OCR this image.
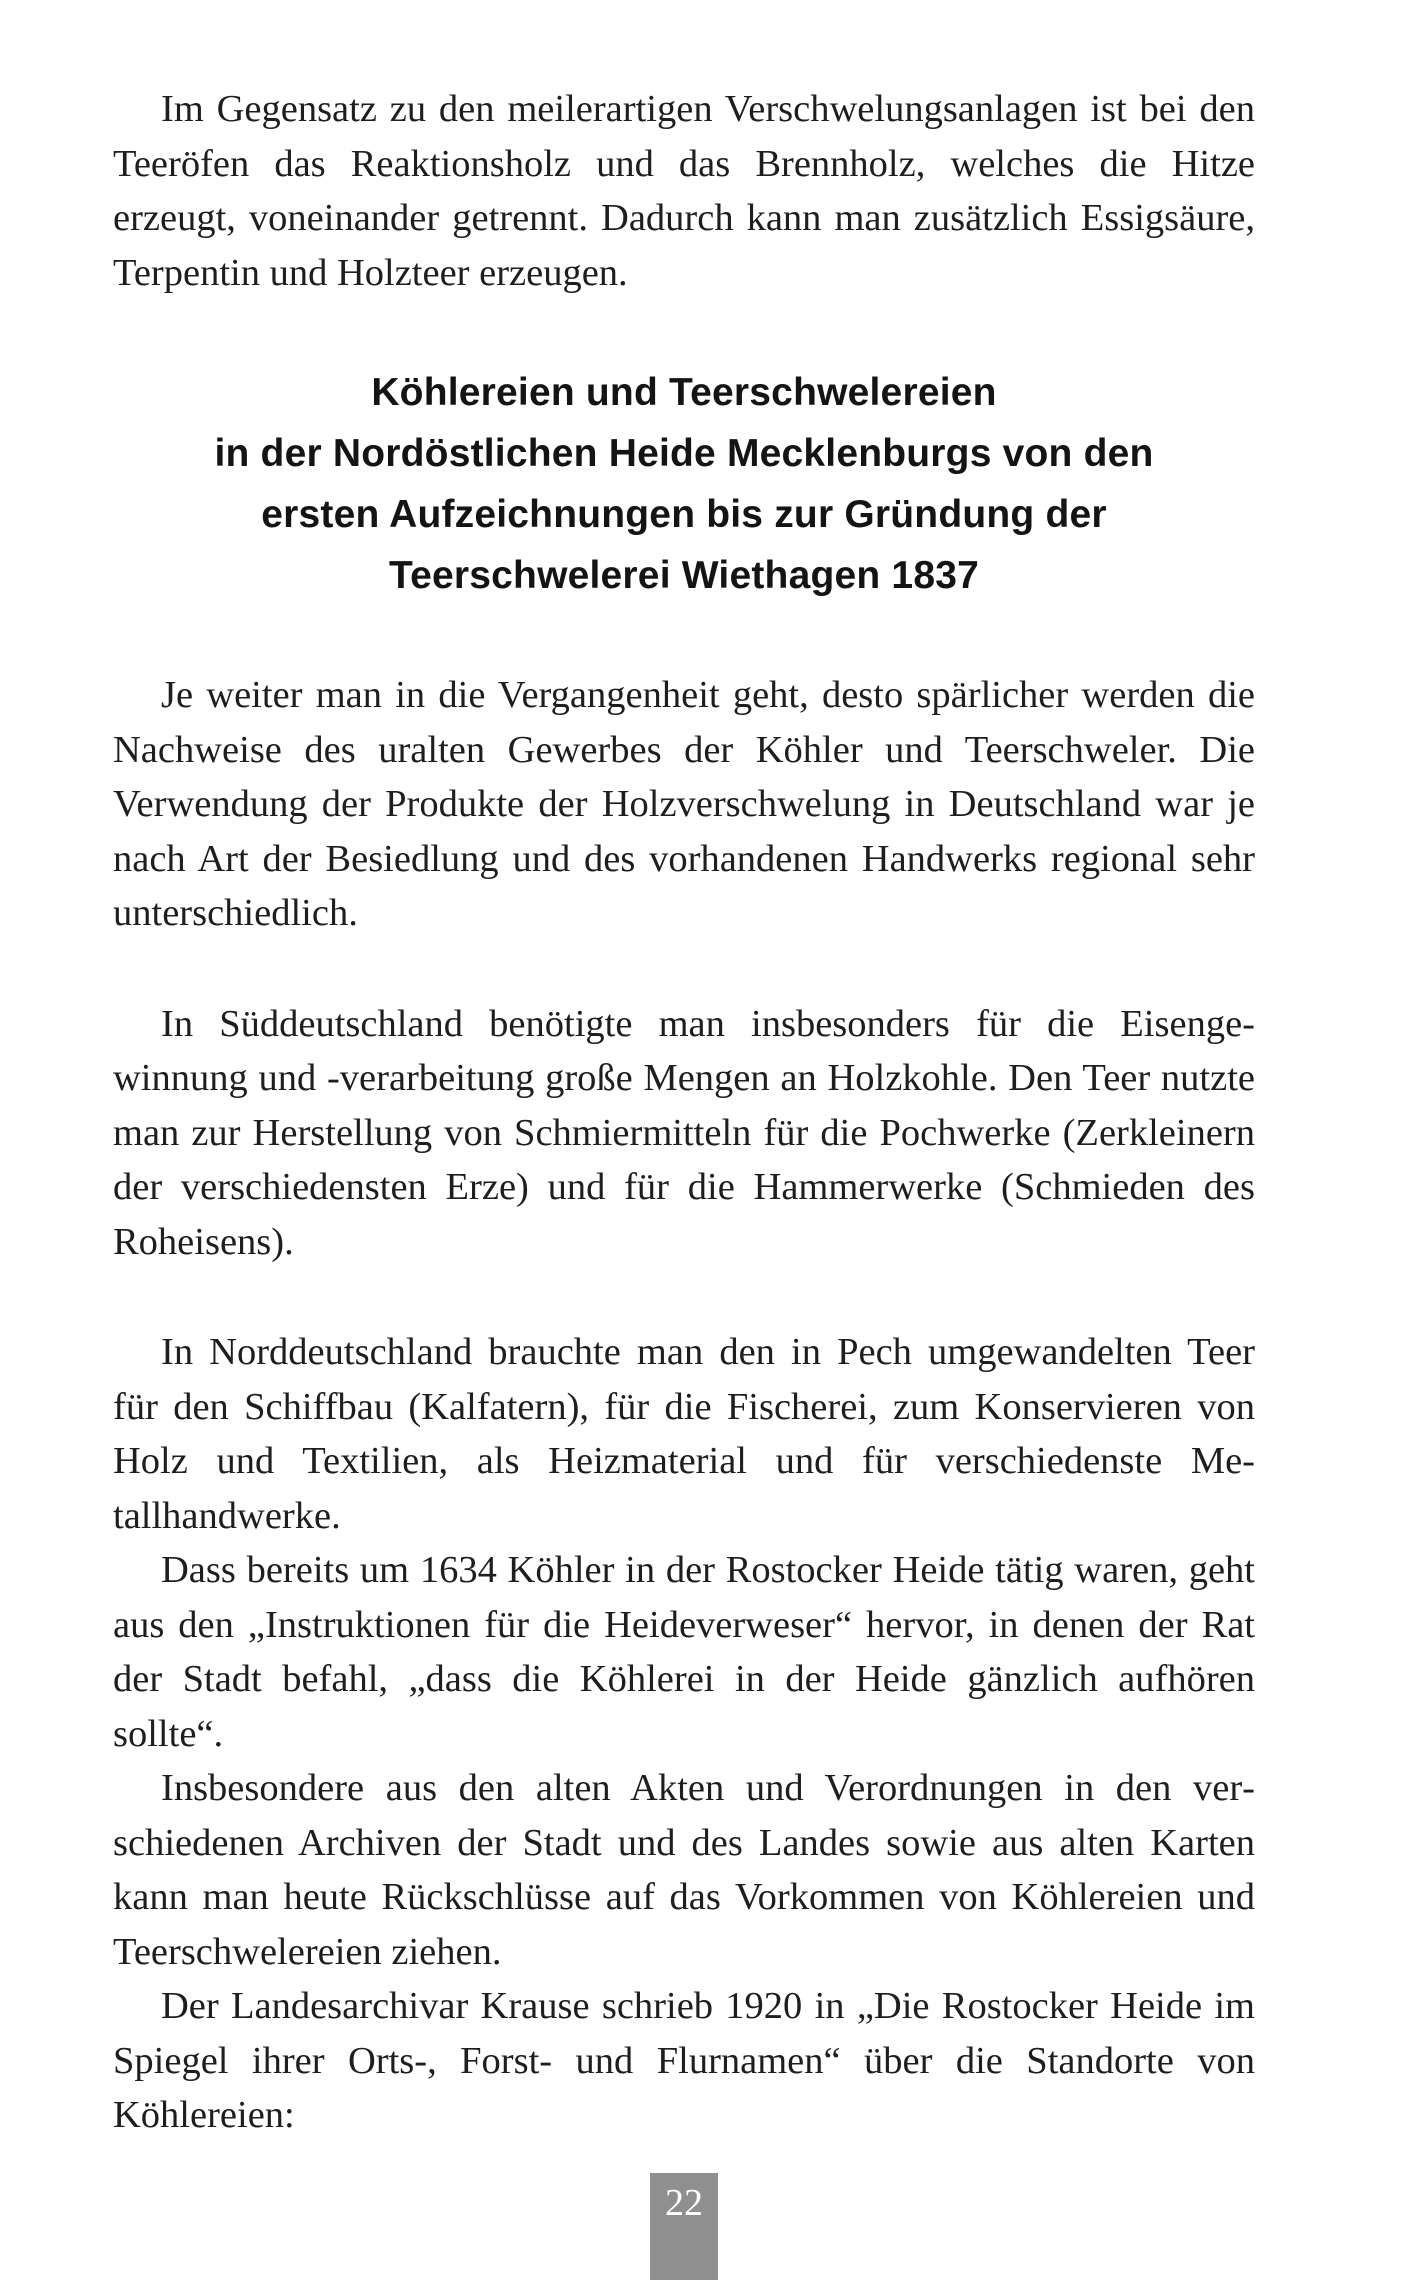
Im Gegensatz zu den meilerartigen Verschwelungsanlagen ist bei den Teeröfen das Reaktionsholz und das Brennholz, welches die Hitze erzeugt, voneinander getrennt. Dadurch kann man zusätzlich Essigsäure, Terpentin und Holzteer erzeugen.

Köhlereien und Teerschwelereien
in der Nordöstlichen Heide Mecklenburgs von den
ersten Aufzeichnungen bis zur Gründung der
Teerschwelerei Wiethagen 1837

Je weiter man in die Vergangenheit geht, desto spärlicher werden die Nachweise des uralten Gewerbes der Köhler und Teerschweler. Die Verwendung der Produkte der Holzverschwelung in Deutschland war je nach Art der Besiedlung und des vorhandenen Handwerks regional sehr unterschiedlich.

In Süddeutschland benötigte man insbesonders für die Eisengewinnung und -verarbeitung große Mengen an Holzkohle. Den Teer nutzte man zur Herstellung von Schmiermitteln für die Pochwerke (Zerkleinern der verschiedensten Erze) und für die Hammerwerke (Schmieden des Roheisens).

In Norddeutschland brauchte man den in Pech umgewandelten Teer für den Schiffbau (Kalfatern), für die Fischerei, zum Konservieren von Holz und Textilien, als Heizmaterial und für verschiedenste Metallhandwerke.

Dass bereits um 1634 Köhler in der Rostocker Heide tätig waren, geht aus den „Instruktionen für die Heideverweser“ hervor, in denen der Rat der Stadt befahl, „dass die Köhlerei in der Heide gänzlich aufhören sollte“.

Insbesondere aus den alten Akten und Verordnungen in den verschiedenen Archiven der Stadt und des Landes sowie aus alten Karten kann man heute Rückschlüsse auf das Vorkommen von Köhlereien und Teerschwelereien ziehen.

Der Landesarchivar Krause schrieb 1920 in „Die Rostocker Heide im Spiegel ihrer Orts-, Forst- und Flurnamen“ über die Standorte von Köhlereien:

22
